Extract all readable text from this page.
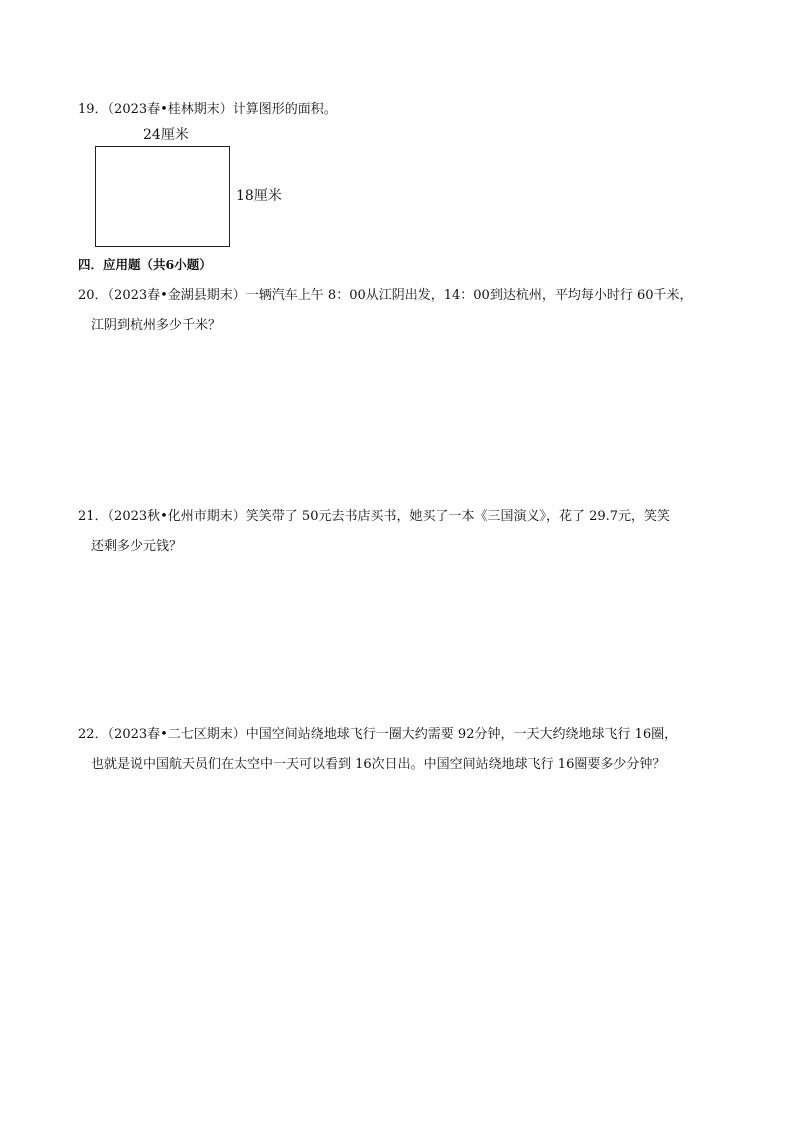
19．（2023春•桂林期末）计算图形的面积。
24厘米
18厘米
四．应用题（共6小题）
20．（2023春•金湖县期末）一辆汽车上午 8：00从江阴出发，14：00到达杭州，平均每小时行 60千米，
江阴到杭州多少千米？
21．（2023秋•化州市期末）笑笑带了 50元去书店买书，她买了一本《三国演义》，花了 29.7元，笑笑
还剩多少元钱？
22．（2023春•二七区期末）中国空间站绕地球飞行一圈大约需要 92分钟，一天大约绕地球飞行 16圈，
也就是说中国航天员们在太空中一天可以看到 16次日出。中国空间站绕地球飞行 16圈要多少分钟？
